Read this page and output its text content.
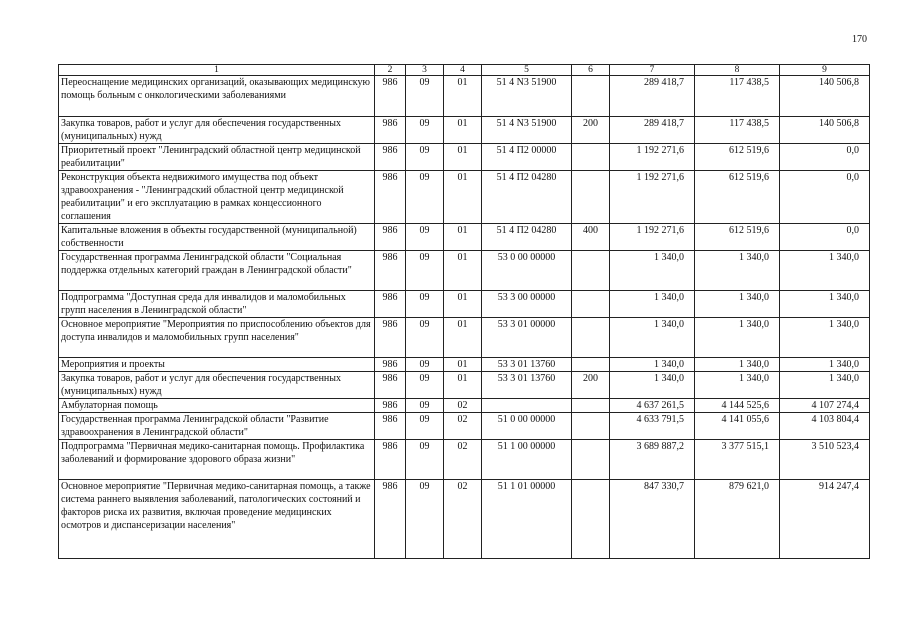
170
1	2	3	4	5	6	7	8	9
Переоснащение медицинских организаций, оказывающих медицинскую помощь больным с онкологическими заболеваниями	986	09	01	51 4 N3 51900		289 418,7	117 438,5	140 506,8
Закупка товаров, работ и услуг для обеспечения государственных (муниципальных) нужд	986	09	01	51 4 N3 51900	200	289 418,7	117 438,5	140 506,8
Приоритетный проект "Ленинградский областной центр медицинской реабилитации"	986	09	01	51 4 П2 00000		1 192 271,6	612 519,6	0,0
Реконструкция объекта недвижимого имущества под объект здравоохранения - "Ленинградский областной центр медицинской реабилитации" и его эксплуатацию в рамках концессионного соглашения	986	09	01	51 4 П2 04280		1 192 271,6	612 519,6	0,0
Капитальные вложения в объекты государственной (муниципальной) собственности	986	09	01	51 4 П2 04280	400	1 192 271,6	612 519,6	0,0
Государственная программа Ленинградской области "Социальная поддержка отдельных категорий граждан в Ленинградской области"	986	09	01	53 0 00 00000		1 340,0	1 340,0	1 340,0
Подпрограмма "Доступная среда для инвалидов и маломобильных групп населения в Ленинградской области"	986	09	01	53 3 00 00000		1 340,0	1 340,0	1 340,0
Основное мероприятие "Мероприятия по приспособлению объектов для доступа инвалидов и маломобильных групп населения"	986	09	01	53 3 01 00000		1 340,0	1 340,0	1 340,0
Мероприятия и проекты	986	09	01	53 3 01 13760		1 340,0	1 340,0	1 340,0
Закупка товаров, работ и услуг для обеспечения государственных (муниципальных) нужд	986	09	01	53 3 01 13760	200	1 340,0	1 340,0	1 340,0
Амбулаторная помощь	986	09	02			4 637 261,5	4 144 525,6	4 107 274,4
Государственная программа Ленинградской области "Развитие здравоохранения в Ленинградской области"	986	09	02	51 0 00 00000		4 633 791,5	4 141 055,6	4 103 804,4
Подпрограмма "Первичная медико-санитарная помощь. Профилактика заболеваний и формирование здорового образа жизни"	986	09	02	51 1 00 00000		3 689 887,2	3 377 515,1	3 510 523,4
Основное мероприятие "Первичная медико-санитарная помощь, а также система раннего выявления заболеваний, патологических состояний и факторов риска их развития, включая проведение медицинских осмотров и диспансеризации населения"	986	09	02	51 1 01 00000		847 330,7	879 621,0	914 247,4
